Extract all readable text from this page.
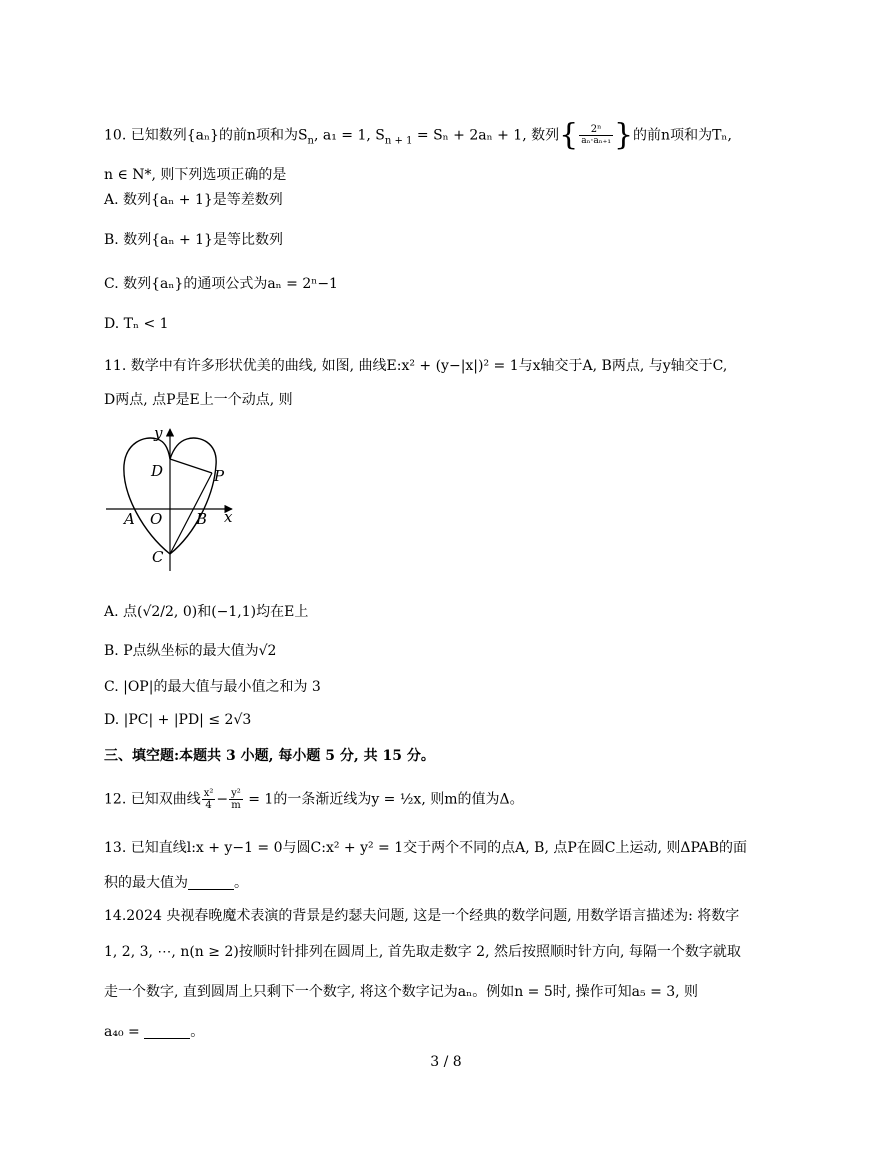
10. 已知数列{aₙ}的前n项和为$S_n$, a₁ = 1, $S_{n + 1} = S_n + 2a_n + 1$, 数列{ $\frac{\text{2ⁿ}}{\text{aₙ·aₙ₊₁}}$ }的前n项和为Tₙ,
n ∈ N*, 则下列选项正确的是
A. 数列{aₙ + 1}是等差数列
B. 数列{aₙ + 1}是等比数列
C. 数列{aₙ}的通项公式为aₙ = 2ⁿ−1
D. Tₙ < 1
11. 数学中有许多形状优美的曲线, 如图, 曲线E:x² + (y−|x|)² = 1与x轴交于A, B两点, 与y轴交于C,
D两点, 点P是E上一个动点, 则
y
x
D	P
A O B
C
A. 点(√2/2, 0)和(−1,1)均在E上
B. P点纵坐标的最大值为√2
C. |OP|的最大值与最小值之和为 3
D. |PC| + |PD| ≤ 2√3
三、填空题:本题共 3 小题, 每小题 5 分, 共 15 分。
12. 已知双曲线 $\frac{\text{x²}}{4} - \frac{\text{y²}}{m} = 1$的一条渐近线为y = ½x, 则m的值为Δ。
13. 已知直线l:x + y−1 = 0与圆C:x² + y² = 1交于两个不同的点A, B, 点P在圆C上运动, 则ΔPAB的面
积的最大值为	。
14.2024 央视春晚魔术表演的背景是约瑟夫问题, 这是一个经典的数学问题, 用数学语言描述为: 将数字
1, 2, 3, ⋯, n(n ≥ 2)按顺时针排列在圆周上, 首先取走数字 2, 然后按照顺时针方向, 每隔一个数字就取
走一个数字, 直到圆周上只剩下一个数字, 将这个数字记为aₙ。例如n = 5时, 操作可知a₅ = 3, 则
a₄₀ =	。
3 / 8
